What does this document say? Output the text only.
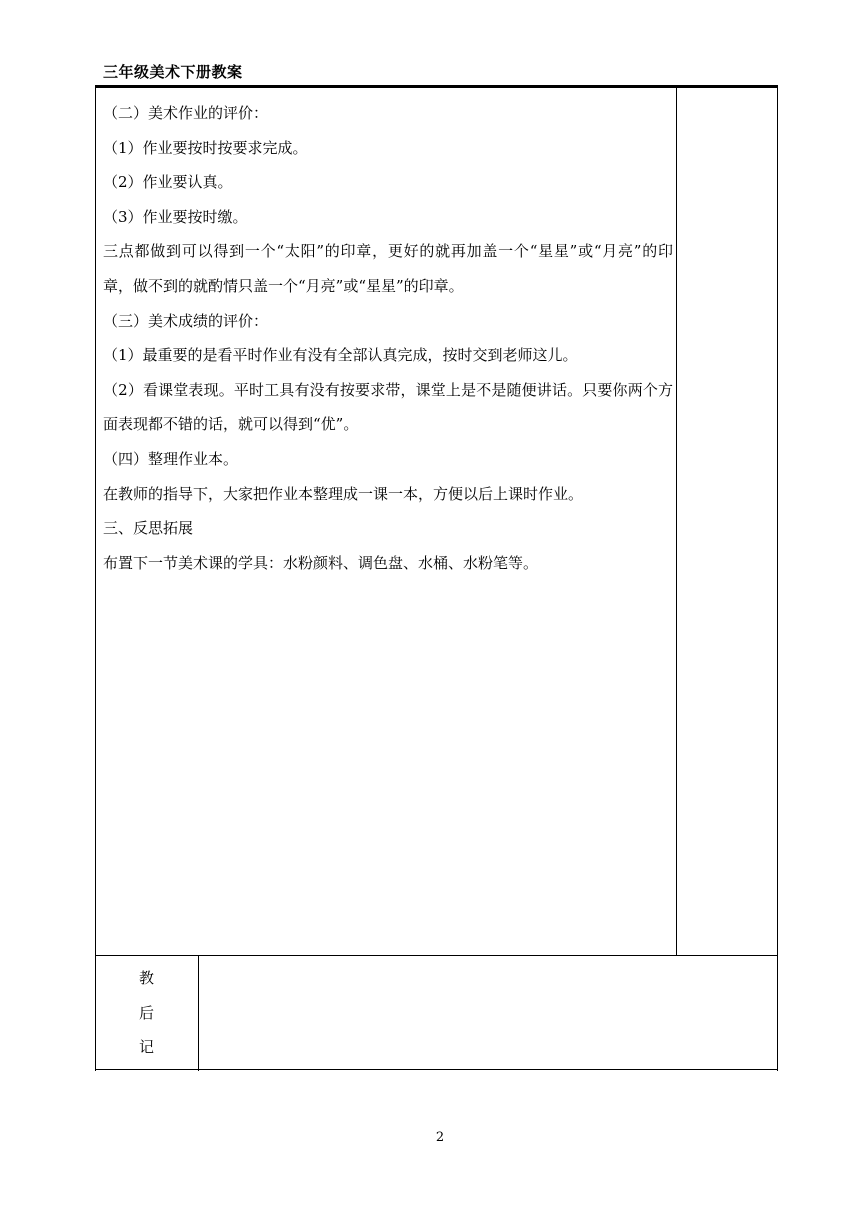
三年级美术下册教案

（二）美术作业的评价：

（1）作业要按时按要求完成。

（2）作业要认真。

（3）作业要按时缴。

三点都做到可以得到一个“太阳”的印章，更好的就再加盖一个“星星”或“月亮”的印章，做不到的就酌情只盖一个“月亮”或“星星”的印章。

（三）美术成绩的评价：

（1）最重要的是看平时作业有没有全部认真完成，按时交到老师这儿。

（2）看课堂表现。平时工具有没有按要求带，课堂上是不是随便讲话。只要你两个方面表现都不错的话，就可以得到“优”。

（四）整理作业本。

在教师的指导下，大家把作业本整理成一课一本，方便以后上课时作业。

三、反思拓展

布置下一节美术课的学具：水粉颜料、调色盘、水桶、水粉笔等。

教
后
记
2
